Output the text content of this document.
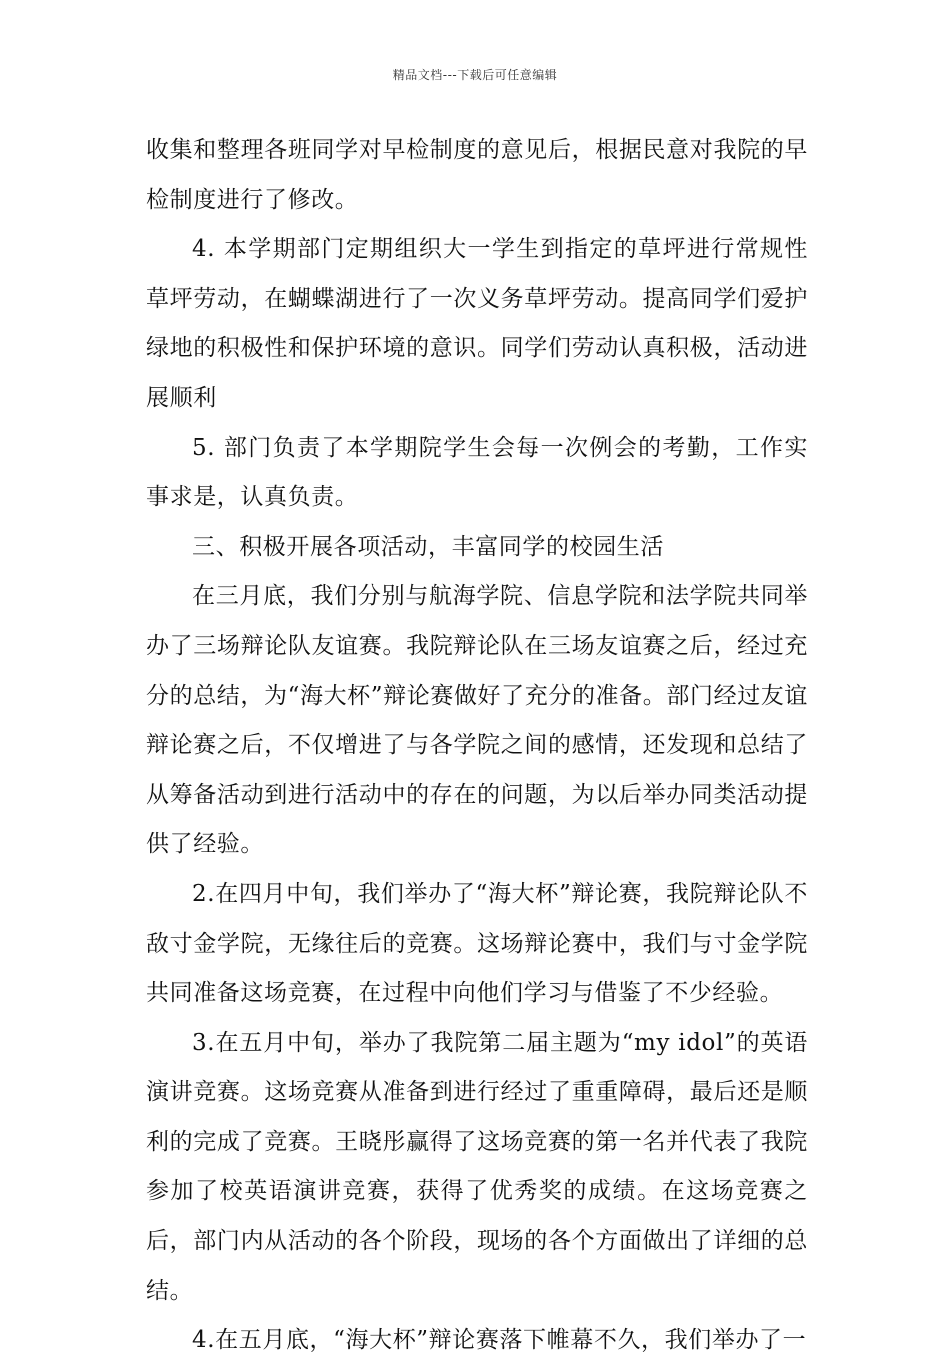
精品文档---下载后可任意编辑

收集和整理各班同学对早检制度的意见后，根据民意对我院的早检制度进行了修改。

4. 本学期部门定期组织大一学生到指定的草坪进行常规性草坪劳动，在蝴蝶湖进行了一次义务草坪劳动。提高同学们爱护绿地的积极性和保护环境的意识。同学们劳动认真积极，活动进展顺利

5. 部门负责了本学期院学生会每一次例会的考勤，工作实事求是，认真负责。

三、积极开展各项活动，丰富同学的校园生活

在三月底，我们分别与航海学院、信息学院和法学院共同举办了三场辩论队友谊赛。我院辩论队在三场友谊赛之后，经过充分的总结，为“海大杯”辩论赛做好了充分的准备。部门经过友谊辩论赛之后，不仅增进了与各学院之间的感情，还发现和总结了从筹备活动到进行活动中的存在的问题，为以后举办同类活动提供了经验。

2.在四月中旬，我们举办了“海大杯”辩论赛，我院辩论队不敌寸金学院，无缘往后的竞赛。这场辩论赛中，我们与寸金学院共同准备这场竞赛，在过程中向他们学习与借鉴了不少经验。

3.在五月中旬，举办了我院第二届主题为“my idol”的英语演讲竞赛。这场竞赛从准备到进行经过了重重障碍，最后还是顺利的完成了竞赛。王晓彤赢得了这场竞赛的第一名并代表了我院参加了校英语演讲竞赛，获得了优秀奖的成绩。在这场竞赛之后，部门内从活动的各个阶段，现场的各个方面做出了详细的总结。

4.在五月底，“海大杯”辩论赛落下帷幕不久，我们举办了一
